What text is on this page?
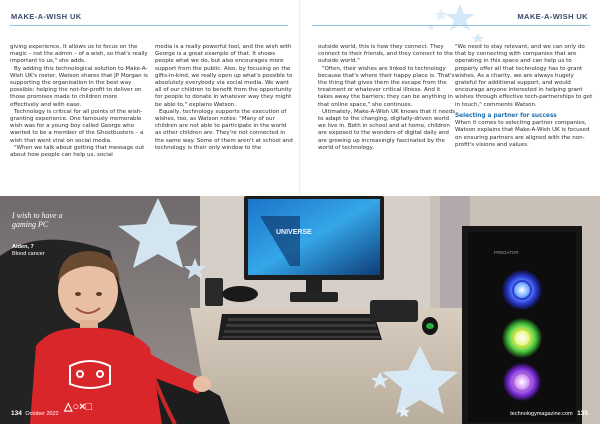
MAKE-A-WISH UK	MAKE-A-WISH UK

giving experience. It allows us to focus on the magic – not the admin – of a wish, so that's really important to us," she adds.

By adding this technological solution to Make-A-Wish UK's roster, Watson shares that JP Morgan is supporting the organisation in the best way possible: helping the not-for-profit to deliver on those promises made to children more effectively and with ease.

Technology is critical for all points of the wish-granting experience. One famously memorable wish was for a young boy called George who wanted to be a member of the Ghostbusters – a wish that went viral on social media.

"When we talk about getting that message out about how people can help us, social

media is a really powerful tool, and the wish with George is a great example of that. It shows people what we do, but also encourages more support from the public. Also, by focusing on the gifts-in-kind, we really open up what's possible to absolutely everybody via social media. We want all of our children to benefit from the opportunity for people to donate in whatever way they might be able to," explains Watson.

Equally, technology supports the execution of wishes, too, as Watson notes: "Many of our children are not able to participate in the world as other children are. They're not connected in the same way. Some of them aren't at school and technology is their only window to the

outside world, this is how they connect. They connect to their friends, and they connect to the outside world."

"Often, their wishes are linked to technology because that's where their happy place is. That's the thing that gives them the escape from the treatment or whatever critical illness. And it takes away the barriers; they can be anything in that online space," she continues.

Ultimately, Make-A-Wish UK knows that it needs to adapt to the changing, digitally-driven world we live in. Both in school and at home, children are exposed to the wonders of digital daily and are growing up increasingly fascinated by the world of technology.

"We need to stay relevant, and we can only do that by connecting with companies that are operating in this space and can help us to properly offer all that technology has to grant wishes. As a charity, we are always hugely grateful for additional support, and would encourage anyone interested in helping grant wishes through effective tech-partnerships to get in touch," comments Watson.

Selecting a partner for success

When it comes to selecting partner companies, Watson explains that Make-A-Wish UK is focused on ensuring partners are aligned with the non-profit's visions and values.

UNIVERSE
PREDATOR
△○×□
I wish to have a gaming PC
Aiden, 7
Blood cancer
134 October 2022	technologymagazine.com 135
